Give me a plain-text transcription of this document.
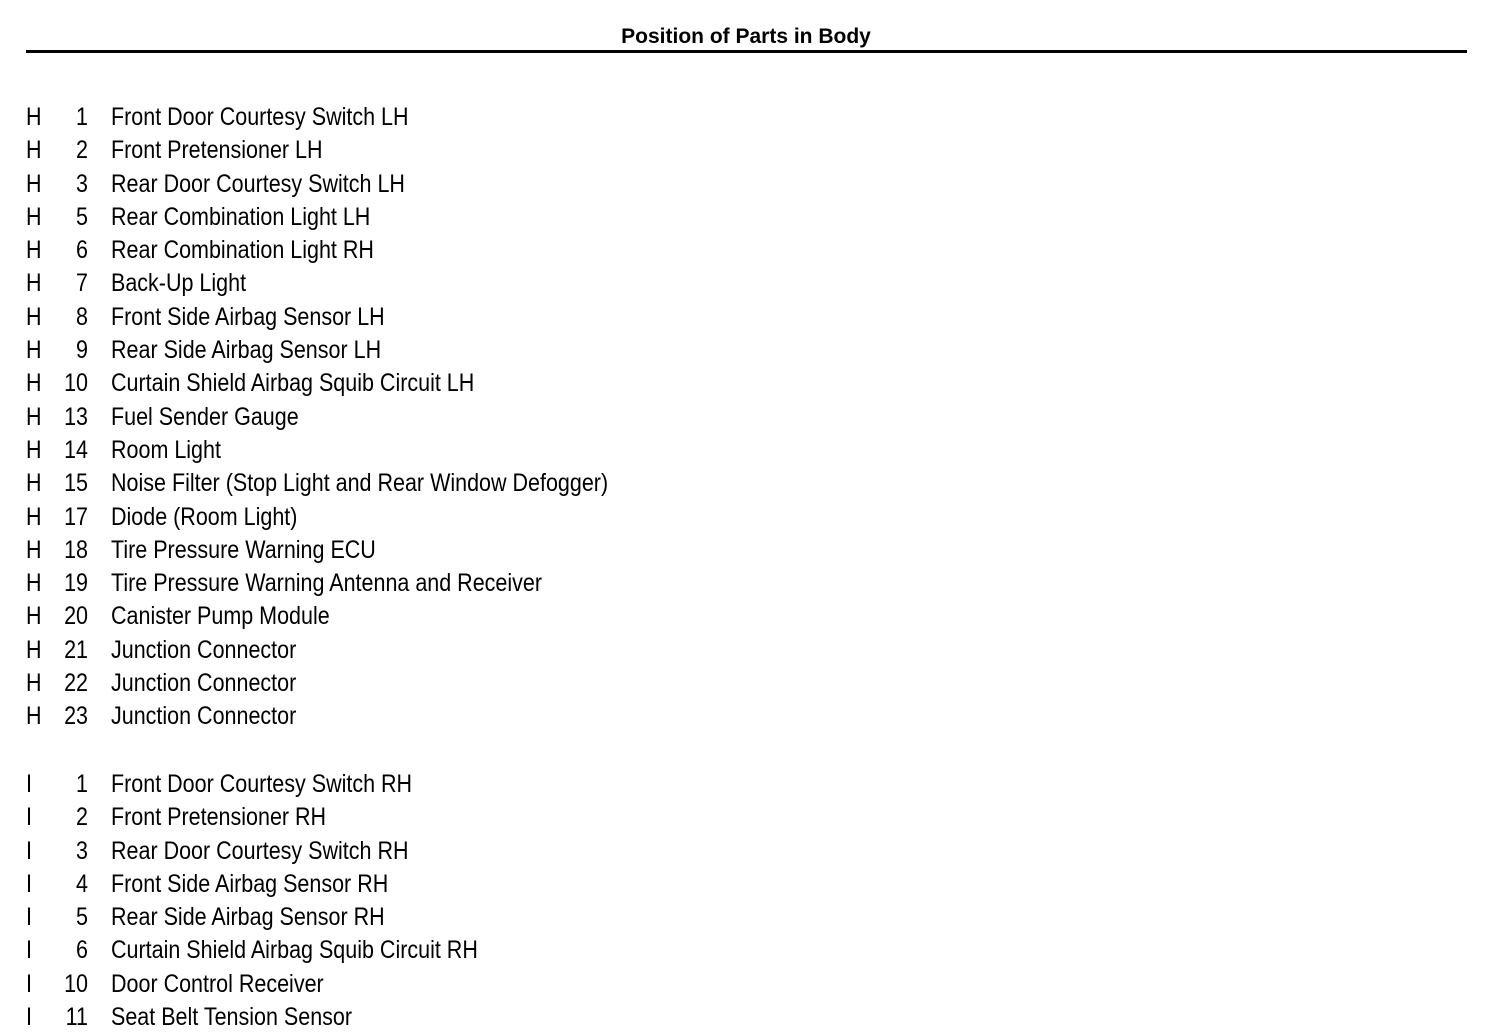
Position of Parts in Body
H	1 Front Door Courtesy Switch LH
H	2 Front Pretensioner LH
H	3 Rear Door Courtesy Switch LH
H	5 Rear Combination Light LH
H	6 Rear Combination Light RH
H	7 Back-Up Light
H	8 Front Side Airbag Sensor LH
H	9 Rear Side Airbag Sensor LH
H 10 Curtain Shield Airbag Squib Circuit LH
H 13 Fuel Sender Gauge
H 14 Room Light
H 15 Noise Filter (Stop Light and Rear Window Defogger)
H 17 Diode (Room Light)
H 18 Tire Pressure Warning ECU
H 19 Tire Pressure Warning Antenna and Receiver
H 20 Canister Pump Module
H 21 Junction Connector
H 22 Junction Connector
H 23 Junction Connector
I	1 Front Door Courtesy Switch RH
I	2 Front Pretensioner RH
I	3 Rear Door Courtesy Switch RH
I	4 Front Side Airbag Sensor RH
I	5 Rear Side Airbag Sensor RH
I	6 Curtain Shield Airbag Squib Circuit RH
I	10 Door Control Receiver
I	11 Seat Belt Tension Sensor
